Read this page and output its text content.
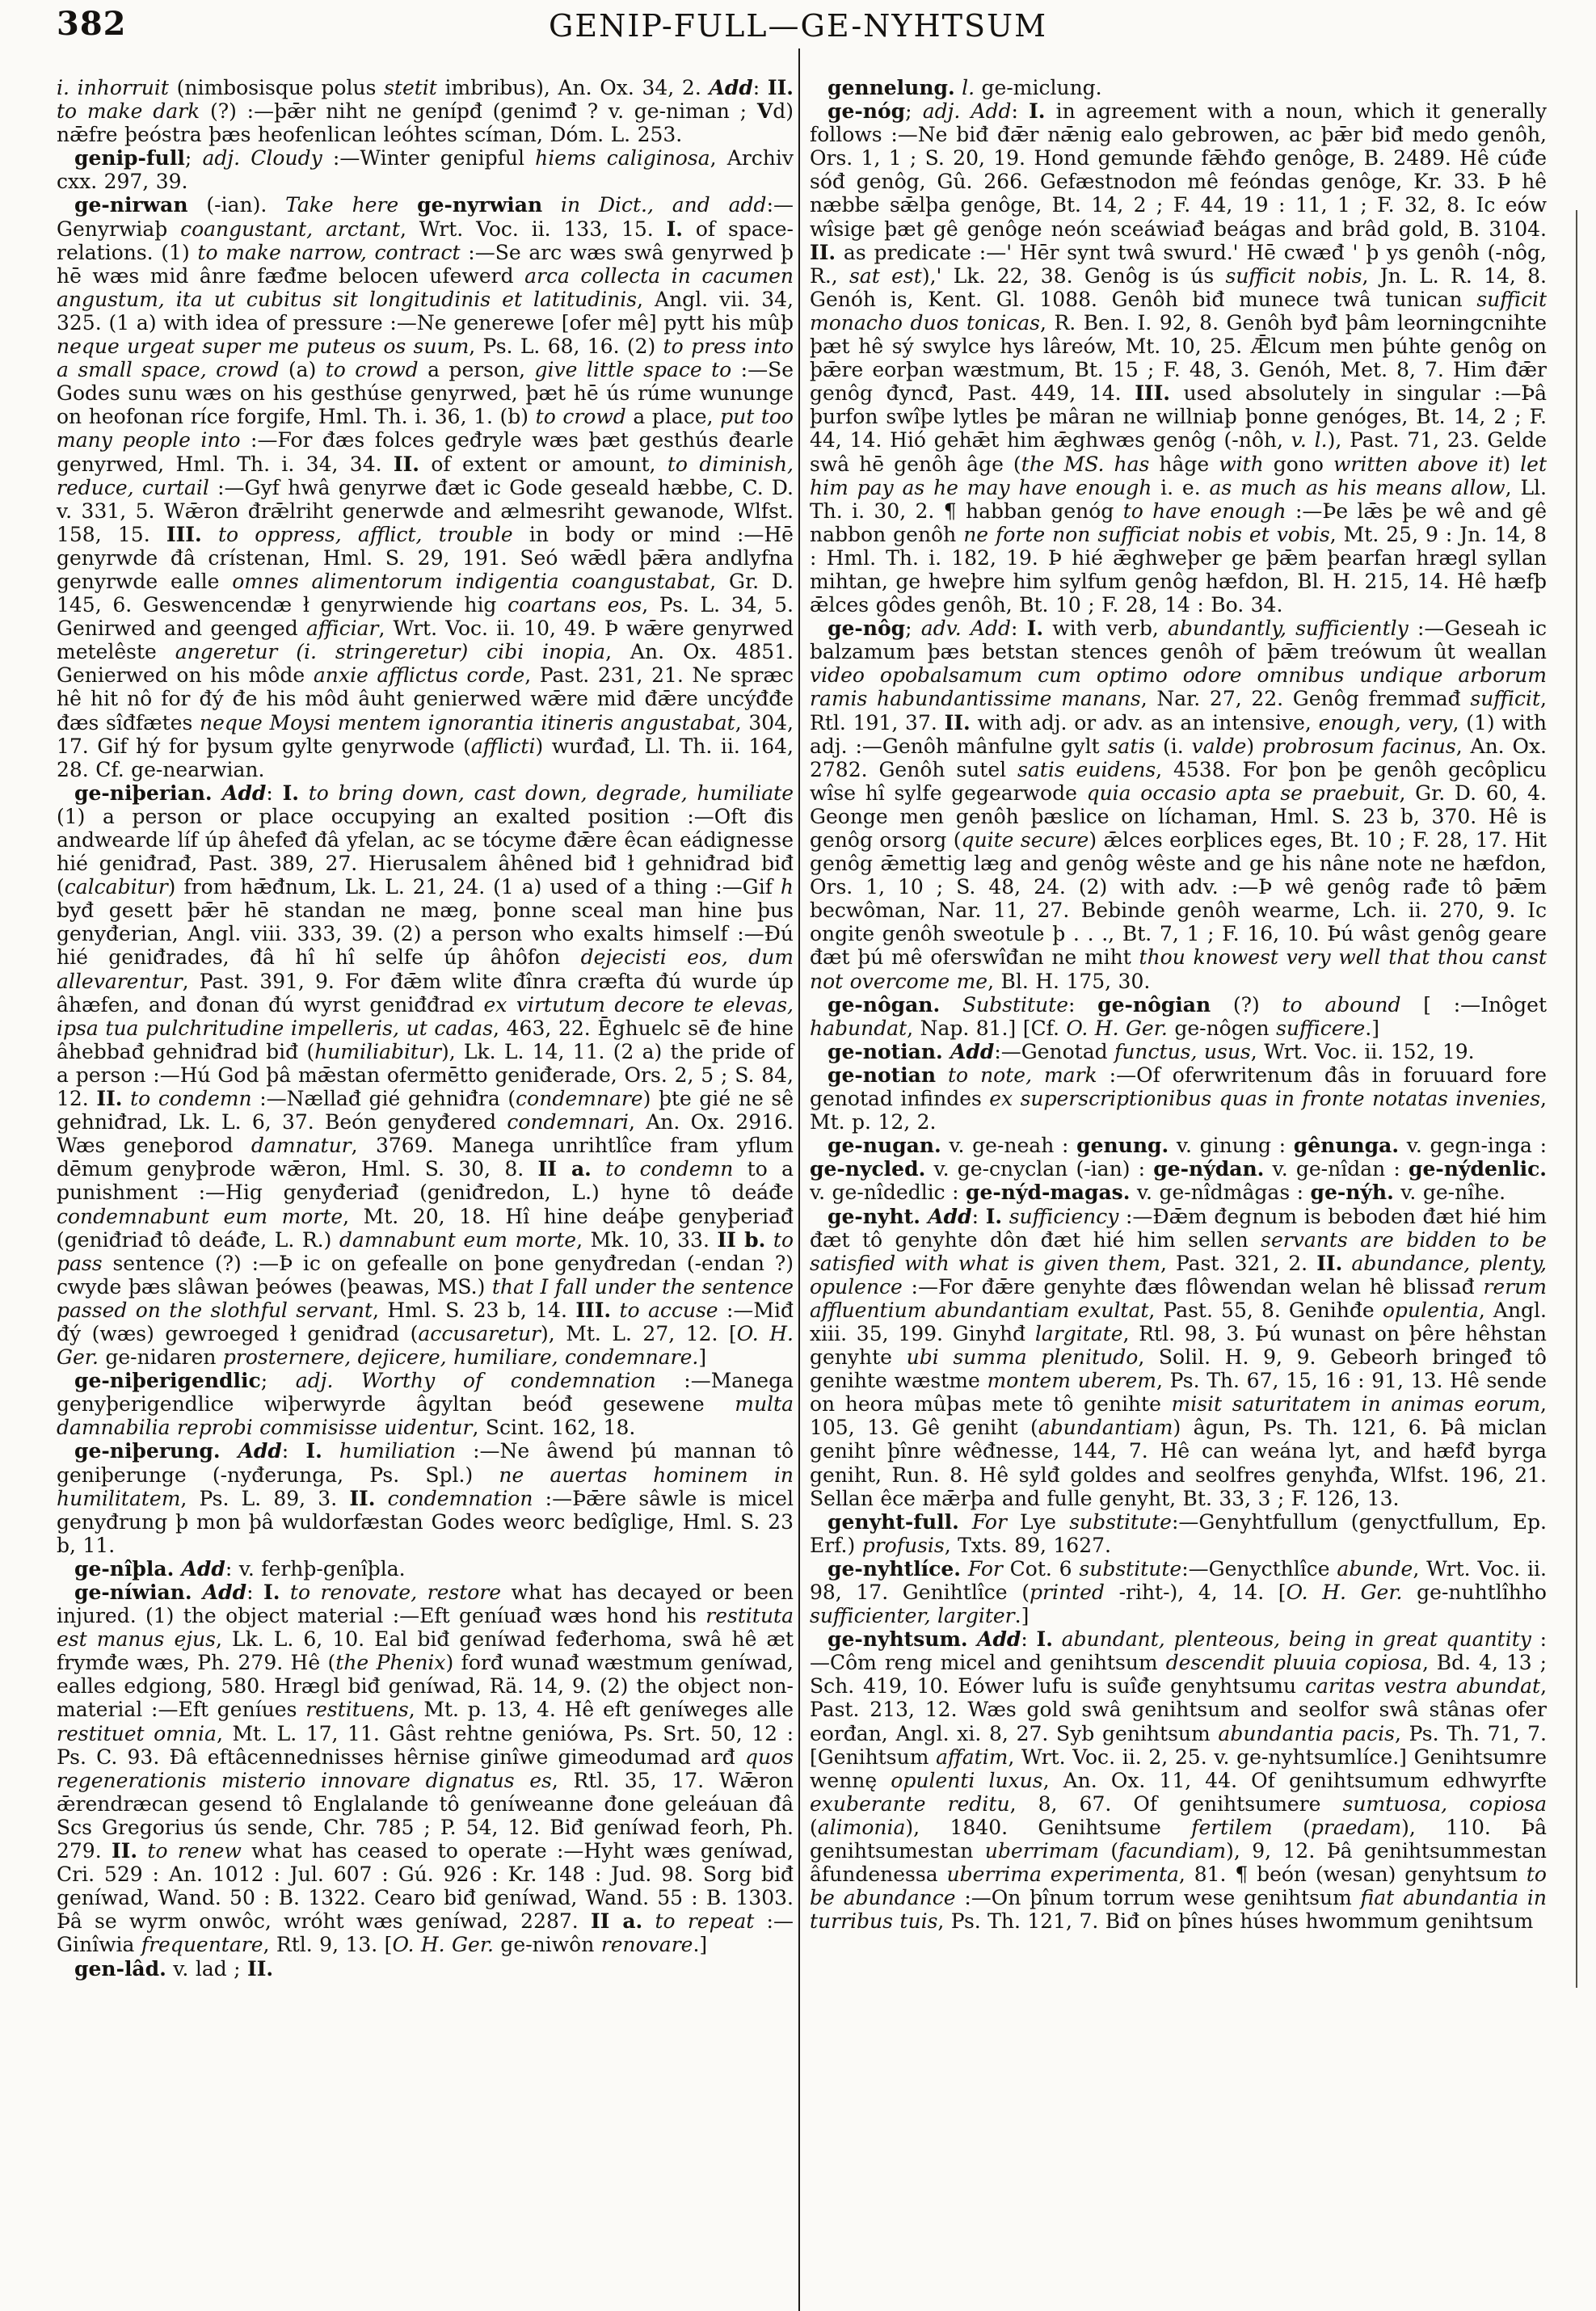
382	GENIP-FULL—GE-NYHTSUM

i. inhorruit (nimbosisque polus stetit imbribus), An. Ox. 34, 2. Add: II. to make dark (?) :—þǣr niht ne genípđ (genimđ ? v. ge-niman ; Vd) nǣfre þeóstra þæs heofenlican leóhtes scíman, Dóm. L. 253.

genip-full; adj. Cloudy :—Winter genipful hiems caliginosa, Archiv cxx. 297, 39.

ge-nirwan (-ian). Take here ge-nyrwian in Dict., and add:—Genyrwiaþ coangustant, arctant, Wrt. Voc. ii. 133, 15. I. of space-relations. (1) to make narrow, contract :—Se arc wæs swâ genyrwed þ hē wæs mid ânre fæđme belocen ufewerd arca collecta in cacumen angustum, ita ut cubitus sit longitudinis et latitudinis, Angl. vii. 34, 325. (1 a) with idea of pressure :—Ne generewe [ofer mê] pytt his mûþ neque urgeat super me puteus os suum, Ps. L. 68, 16. (2) to press into a small space, crowd (a) to crowd a person, give little space to :—Se Godes sunu wæs on his gesthúse genyrwed, þæt hē ús rúme wununge on heofonan ríce forgife, Hml. Th. i. 36, 1. (b) to crowd a place, put too many people into :—For đæs folces geđryle wæs þæt gesthús đearle genyrwed, Hml. Th. i. 34, 34. II. of extent or amount, to diminish, reduce, curtail :—Gyf hwâ genyrwe đæt ic Gode geseald hæbbe, C. D. v. 331, 5. Wǣron đrǣlriht generwde and ælmesriht gewanode, Wlfst. 158, 15. III. to oppress, afflict, trouble in body or mind :—Hē genyrwde đâ crístenan, Hml. S. 29, 191. Seó wǣdl þǣra andlyfna genyrwde ealle omnes alimentorum indigentia coangustabat, Gr. D. 145, 6. Geswencendæ ł genyrwiende hig coartans eos, Ps. L. 34, 5. Genirwed and geenged afficiar, Wrt. Voc. ii. 10, 49. Þ wǣre genyrwed metelêste angeretur (i. stringeretur) cibi inopia, An. Ox. 4851. Genierwed on his môde anxie afflictus corde, Past. 231, 21. Ne spræc hê hit nô for đý đe his môd âuht genierwed wǣre mid đǣre uncýđđe đæs sîđfætes neque Moysi mentem ignorantia itineris angustabat, 304, 17. Gif hý for þysum gylte genyrwode (afflicti) wurđađ, Ll. Th. ii. 164, 28. Cf. ge-nearwian.

ge-niþerian. Add: I. to bring down, cast down, degrade, humiliate (1) a person or place occupying an exalted position :—Oft đis andwearde líf úp âhefeđ đâ yfelan, ac se tócyme đǣre êcan eádignesse hié geniđrađ, Past. 389, 27. Hierusalem âhêned biđ ł gehniđrad biđ (calcabitur) from hǣđnum, Lk. L. 21, 24. (1 a) used of a thing :—Gif h byđ gesett þǣr hē standan ne mæg, þonne sceal man hine þus genyđerian, Angl. viii. 333, 39. (2) a person who exalts himself :—Đú hié geniđrades, đâ hî hî selfe úp âhôfon dejecisti eos, dum allevarentur, Past. 391, 9. For đǣm wlite đînra cræfta đú wurde úp âhæfen, and đonan đú wyrst geniđđrad ex virtutum decore te elevas, ipsa tua pulchritudine impelleris, ut cadas, 463, 22. Ēghuelc sē đe hine âhebbađ gehniđrad biđ (humiliabitur), Lk. L. 14, 11. (2 a) the pride of a person :—Hú God þâ mǣstan ofermētto geniđerade, Ors. 2, 5 ; S. 84, 12. II. to condemn :—Nællađ gié gehniđra (condemnare) þte gié ne sê gehniđrad, Lk. L. 6, 37. Beón genyđered condemnari, An. Ox. 2916. Wæs geneþorod damnatur, 3769. Manega unrihtlîce fram yflum dēmum genyþrode wǣron, Hml. S. 30, 8. II a. to condemn to a punishment :—Hig genyđeriađ (geniđredon, L.) hyne tô deáđe condemnabunt eum morte, Mt. 20, 18. Hî hine deáþe genyþeriađ (geniđriađ tô deáđe, L. R.) damnabunt eum morte, Mk. 10, 33. II b. to pass sentence (?) :—Þ ic on gefealle on þone genyđredan (-endan ?) cwyde þæs slâwan þeówes (þeawas, MS.) that I fall under the sentence passed on the slothful servant, Hml. S. 23 b, 14. III. to accuse :—Miđ đý (wæs) gewroeged ł geniđrad (accusaretur), Mt. L. 27, 12. [O. H. Ger. ge-nidaren prosternere, dejicere, humiliare, condemnare.]

ge-niþerigendlic; adj. Worthy of condemnation :—Manega genyþerigendlice wiþerwyrde âgyltan beóđ gesewene multa damnabilia reprobi commisisse uidentur, Scint. 162, 18.

ge-niþerung. Add: I. humiliation :—Ne âwend þú mannan tô geniþerunge (-nyđerunga, Ps. Spl.) ne auertas hominem in humilitatem, Ps. L. 89, 3. II. condemnation :—Þǣre sâwle is micel genyđrung þ mon þâ wuldorfæstan Godes weorc bedîglige, Hml. S. 23 b, 11.

ge-nîþla. Add: v. ferhþ-genîþla.

ge-níwian. Add: I. to renovate, restore what has decayed or been injured. (1) the object material :—Eft geníuađ wæs hond his restituta est manus ejus, Lk. L. 6, 10. Eal biđ geníwad feđerhoma, swâ hê æt frymđe wæs, Ph. 279. Hê (the Phenix) forđ wunađ wæstmum geníwad, ealles edgiong, 580. Hrægl biđ geníwad, Rä. 14, 9. (2) the object non-material :—Eft geníues restituens, Mt. p. 13, 4. Hê eft geníweges alle restituet omnia, Mt. L. 17, 11. Gâst rehtne geniówa, Ps. Srt. 50, 12 : Ps. C. 93. Đâ eftâcennednisses hêrnise ginîwe gimeodumad arđ quos regenerationis misterio innovare dignatus es, Rtl. 35, 17. Wǣron ǣrendræcan gesend tô Englalande tô geníweanne đone geleáuan đâ Scs Gregorius ús sende, Chr. 785 ; P. 54, 12. Biđ geníwad feorh, Ph. 279. II. to renew what has ceased to operate :—Hyht wæs geníwad, Cri. 529 : An. 1012 : Jul. 607 : Gú. 926 : Kr. 148 : Jud. 98. Sorg biđ geníwad, Wand. 50 : B. 1322. Cearo biđ geníwad, Wand. 55 : B. 1303. Þâ se wyrm onwôc, wróht wæs geníwad, 2287. II a. to repeat :—Ginîwia frequentare, Rtl. 9, 13. [O. H. Ger. ge-niwôn renovare.]

gen-lâd. v. lad ; II.

gennelung. l. ge-miclung.

ge-nóg; adj. Add: I. in agreement with a noun, which it generally follows :—Ne biđ đǣr nǣnig ealo gebrowen, ac þǣr biđ medo genôh, Ors. 1, 1 ; S. 20, 19. Hond gemunde fǣhđo genôge, B. 2489. Hê cúđe sóđ genôg, Gû. 266. Gefæstnodon mê feóndas genôge, Kr. 33. Þ hê næbbe sǣlþa genôge, Bt. 14, 2 ; F. 44, 19 : 11, 1 ; F. 32, 8. Ic eów wîsige þæt gê genôge neón sceáwiađ beágas and brâd gold, B. 3104. II. as predicate :—' Hēr synt twâ swurd.' Hē cwæđ ' þ ys genôh (-nôg, R., sat est),' Lk. 22, 38. Genôg is ús sufficit nobis, Jn. L. R. 14, 8. Genóh is, Kent. Gl. 1088. Genôh biđ munece twâ tunican sufficit monacho duos tonicas, R. Ben. I. 92, 8. Genôh byđ þâm leorningcnihte þæt hê sý swylce hys lâreów, Mt. 10, 25. Ǣlcum men þúhte genôg on þǣre eorþan wæstmum, Bt. 15 ; F. 48, 3. Genóh, Met. 8, 7. Him đǣr genôg đyncđ, Past. 449, 14. III. used absolutely in singular :—Þâ þurfon swîþe lytles þe mâran ne willniaþ þonne genóges, Bt. 14, 2 ; F. 44, 14. Hió gehǣt him ǣghwæs genôg (-nôh, v. l.), Past. 71, 23. Gelde swâ hē genôh âge (the MS. has hâge with gono written above it) let him pay as he may have enough i. e. as much as his means allow, Ll. Th. i. 30, 2. ¶ habban genóg to have enough :—Þe lǣs þe wê and gê nabbon genôh ne forte non sufficiat nobis et vobis, Mt. 25, 9 : Jn. 14, 8 : Hml. Th. i. 182, 19. Þ hié ǣghweþer ge þǣm þearfan hrægl syllan mihtan, ge hweþre him sylfum genôg hæfdon, Bl. H. 215, 14. Hê hæfþ ǣlces gôdes genôh, Bt. 10 ; F. 28, 14 : Bo. 34.

ge-nôg; adv. Add: I. with verb, abundantly, sufficiently :—Geseah ic balzamum þæs betstan stences genôh of þǣm treówum ût weallan video opobalsamum cum optimo odore omnibus undique arborum ramis habundantissime manans, Nar. 27, 22. Genôg fremmađ sufficit, Rtl. 191, 37. II. with adj. or adv. as an intensive, enough, very, (1) with adj. :—Genôh mânfulne gylt satis (i. valde) probrosum facinus, An. Ox. 2782. Genôh sutel satis euidens, 4538. For þon þe genôh gecôplicu wîse hî sylfe gegearwode quia occasio apta se praebuit, Gr. D. 60, 4. Geonge men genôh þæslice on líchaman, Hml. S. 23 b, 370. Hê is genôg orsorg (quite secure) ǣlces eorþlices eges, Bt. 10 ; F. 28, 17. Hit genôg ǣmettig læg and genôg wêste and ge his nâne note ne hæfdon, Ors. 1, 10 ; S. 48, 24. (2) with adv. :—Þ wê genôg rađe tô þǣm becwôman, Nar. 11, 27. Bebinde genôh wearme, Lch. ii. 270, 9. Ic ongite genôh sweotule þ . . ., Bt. 7, 1 ; F. 16, 10. Þú wâst genôg geare đæt þú mê oferswîđan ne miht thou knowest very well that thou canst not overcome me, Bl. H. 175, 30.

ge-nôgan. Substitute: ge-nôgian (?) to abound [ :—Inôget habundat, Nap. 81.] [Cf. O. H. Ger. ge-nôgen sufficere.]

ge-notian. Add:—Genotad functus, usus, Wrt. Voc. ii. 152, 19.

ge-notian to note, mark :—Of oferwritenum đâs in foruuard fore genotad infindes ex superscriptionibus quas in fronte notatas invenies, Mt. p. 12, 2.

ge-nugan. v. ge-neah : genung. v. ginung : gênunga. v. gegn-inga : ge-nycled. v. ge-cnyclan (-ian) : ge-nýdan. v. ge-nîdan : ge-nýdenlic. v. ge-nîdedlic : ge-nýd-magas. v. ge-nîdmâgas : ge-nýh. v. ge-nîhe.

ge-nyht. Add: I. sufficiency :—Đǣm đegnum is beboden đæt hié him đæt tô genyhte dôn đæt hié him sellen servants are bidden to be satisfied with what is given them, Past. 321, 2. II. abundance, plenty, opulence :—For đǣre genyhte đæs flôwendan welan hê blissađ rerum affluentium abundantiam exultat, Past. 55, 8. Genihđe opulentia, Angl. xiii. 35, 199. Ginyhđ largitate, Rtl. 98, 3. Þú wunast on þêre hêhstan genyhte ubi summa plenitudo, Solil. H. 9, 9. Gebeorh bringeđ tô genihte wæstme montem uberem, Ps. Th. 67, 15, 16 : 91, 13. Hê sende on heora mûþas mete tô genihte misit saturitatem in animas eorum, 105, 13. Gê geniht (abundantiam) âgun, Ps. Th. 121, 6. Þâ miclan geniht þînre wêđnesse, 144, 7. Hê can weána lyt, and hæfđ byrga geniht, Run. 8. Hê sylđ goldes and seolfres genyhđa, Wlfst. 196, 21. Sellan êce mǣrþa and fulle genyht, Bt. 33, 3 ; F. 126, 13.

genyht-full. For Lye substitute:—Genyhtfullum (genyctfullum, Ep. Erf.) profusis, Txts. 89, 1627.

ge-nyhtlíce. For Cot. 6 substitute:—Genycthlîce abunde, Wrt. Voc. ii. 98, 17. Genihtlîce (printed -riht-), 4, 14. [O. H. Ger. ge-nuhtlîhho sufficienter, largiter.]

ge-nyhtsum. Add: I. abundant, plenteous, being in great quantity :—Côm reng micel and genihtsum descendit pluuia copiosa, Bd. 4, 13 ; Sch. 419, 10. Eówer lufu is suîđe genyhtsumu caritas vestra abundat, Past. 213, 12. Wæs gold swâ genihtsum and seolfor swâ stânas ofer eorđan, Angl. xi. 8, 27. Syb genihtsum abundantia pacis, Ps. Th. 71, 7. [Genihtsum affatim, Wrt. Voc. ii. 2, 25. v. ge-nyhtsumlíce.] Genihtsumre wennę opulenti luxus, An. Ox. 11, 44. Of genihtsumum edhwyrfte exuberante reditu, 8, 67. Of genihtsumere sumtuosa, copiosa (alimonia), 1840. Genihtsume fertilem (praedam), 110. Þâ genihtsumestan uberrimam (facundiam), 9, 12. Þâ genihtsummestan âfundenessa uberrima experimenta, 81. ¶ beón (wesan) genyhtsum to be abundance :—On þînum torrum wese genihtsum fiat abundantia in turribus tuis, Ps. Th. 121, 7. Biđ on þînes húses hwommum genihtsum
